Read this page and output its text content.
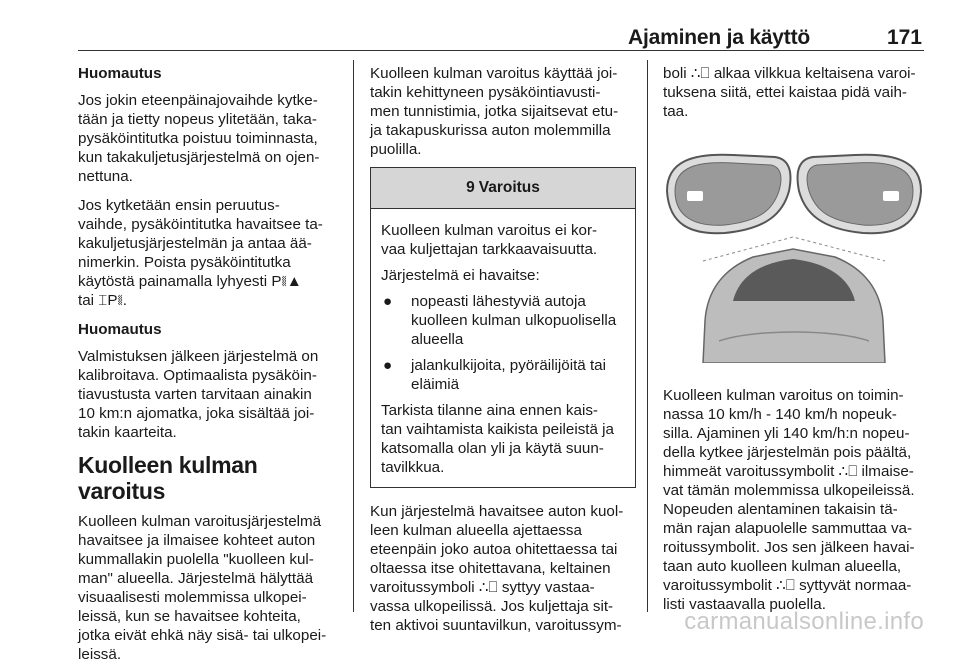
Ajaminen ja käyttö	171

Huomautus

Jos jokin eteenpäinajovaihde kytke-
tään ja tietty nopeus ylitetään, taka-
pysäköintitutka poistuu toiminnasta,
kun takakuljetusjärjestelmä on ojen-
nettuna.

Jos kytketään ensin peruutus-
vaihde, pysäköintitutka havaitsee ta-
kakuljetusjärjestelmän ja antaa ää-
nimerkin. Poista pysäköintitutka
käytöstä painamalla lyhyesti P⧛▲
tai ⌶P⧛.

Huomautus

Valmistuksen jälkeen järjestelmä on
kalibroitava. Optimaalista pysäköin-
tiavustusta varten tarvitaan ainakin
10 km:n ajomatka, joka sisältää joi-
takin kaarteita.

Kuolleen kulman varoitus

Kuolleen kulman varoitusjärjestelmä
havaitsee ja ilmaisee kohteet auton
kummallakin puolella "kuolleen kul-
man" alueella. Järjestelmä hälyttää
visuaalisesti molemmissa ulkopei-
leissä, kun se havaitsee kohteita,
jotka eivät ehkä näy sisä- tai ulkopei-
leissä.

Kuolleen kulman varoitus käyttää joi-
takin kehittyneen pysäköintiavusti-
men tunnistimia, jotka sijaitsevat etu-
ja takapuskurissa auton molemmilla
puolilla.

9 Varoitus

Kuolleen kulman varoitus ei kor-
vaa kuljettajan tarkkaavaisuutta.

Järjestelmä ei havaitse:

●	nopeasti lähestyviä autoja
kuolleen kulman ulkopuolisella
alueella
●	jalankulkijoita, pyöräilijöitä tai
eläimiä

Tarkista tilanne aina ennen kais-
tan vaihtamista kaikista peileistä ja
katsomalla olan yli ja käytä suun-
tavilkkua.

Kun järjestelmä havaitsee auton kuol-
leen kulman alueella ajettaessa
eteenpäin joko autoa ohitettaessa tai
oltaessa itse ohitettavana, keltainen
varoitussymboli ∴⎕ syttyy vastaa-
vassa ulkopeilissä. Jos kuljettaja sit-
ten aktivoi suuntavilkun, varoitussym-

boli ∴⎕ alkaa vilkkua keltaisena varoi-
tuksena siitä, ettei kaistaa pidä vaih-
taa.

Kuolleen kulman varoitus on toimin-
nassa 10 km/h - 140 km/h nopeuk-
silla. Ajaminen yli 140 km/h:n nopeu-
della kytkee järjestelmän pois päältä,
himmeät varoitussymbolit ∴⎕ ilmaise-
vat tämän molemmissa ulkopeileissä.
Nopeuden alentaminen takaisin tä-
män rajan alapuolelle sammuttaa va-
roitussymbolit. Jos sen jälkeen havai-
taan auto kuolleen kulman alueella,
varoitussymbolit ∴⎕ syttyvät normaa-
listi vastaavalla puolella.

carmanualsonline.info
